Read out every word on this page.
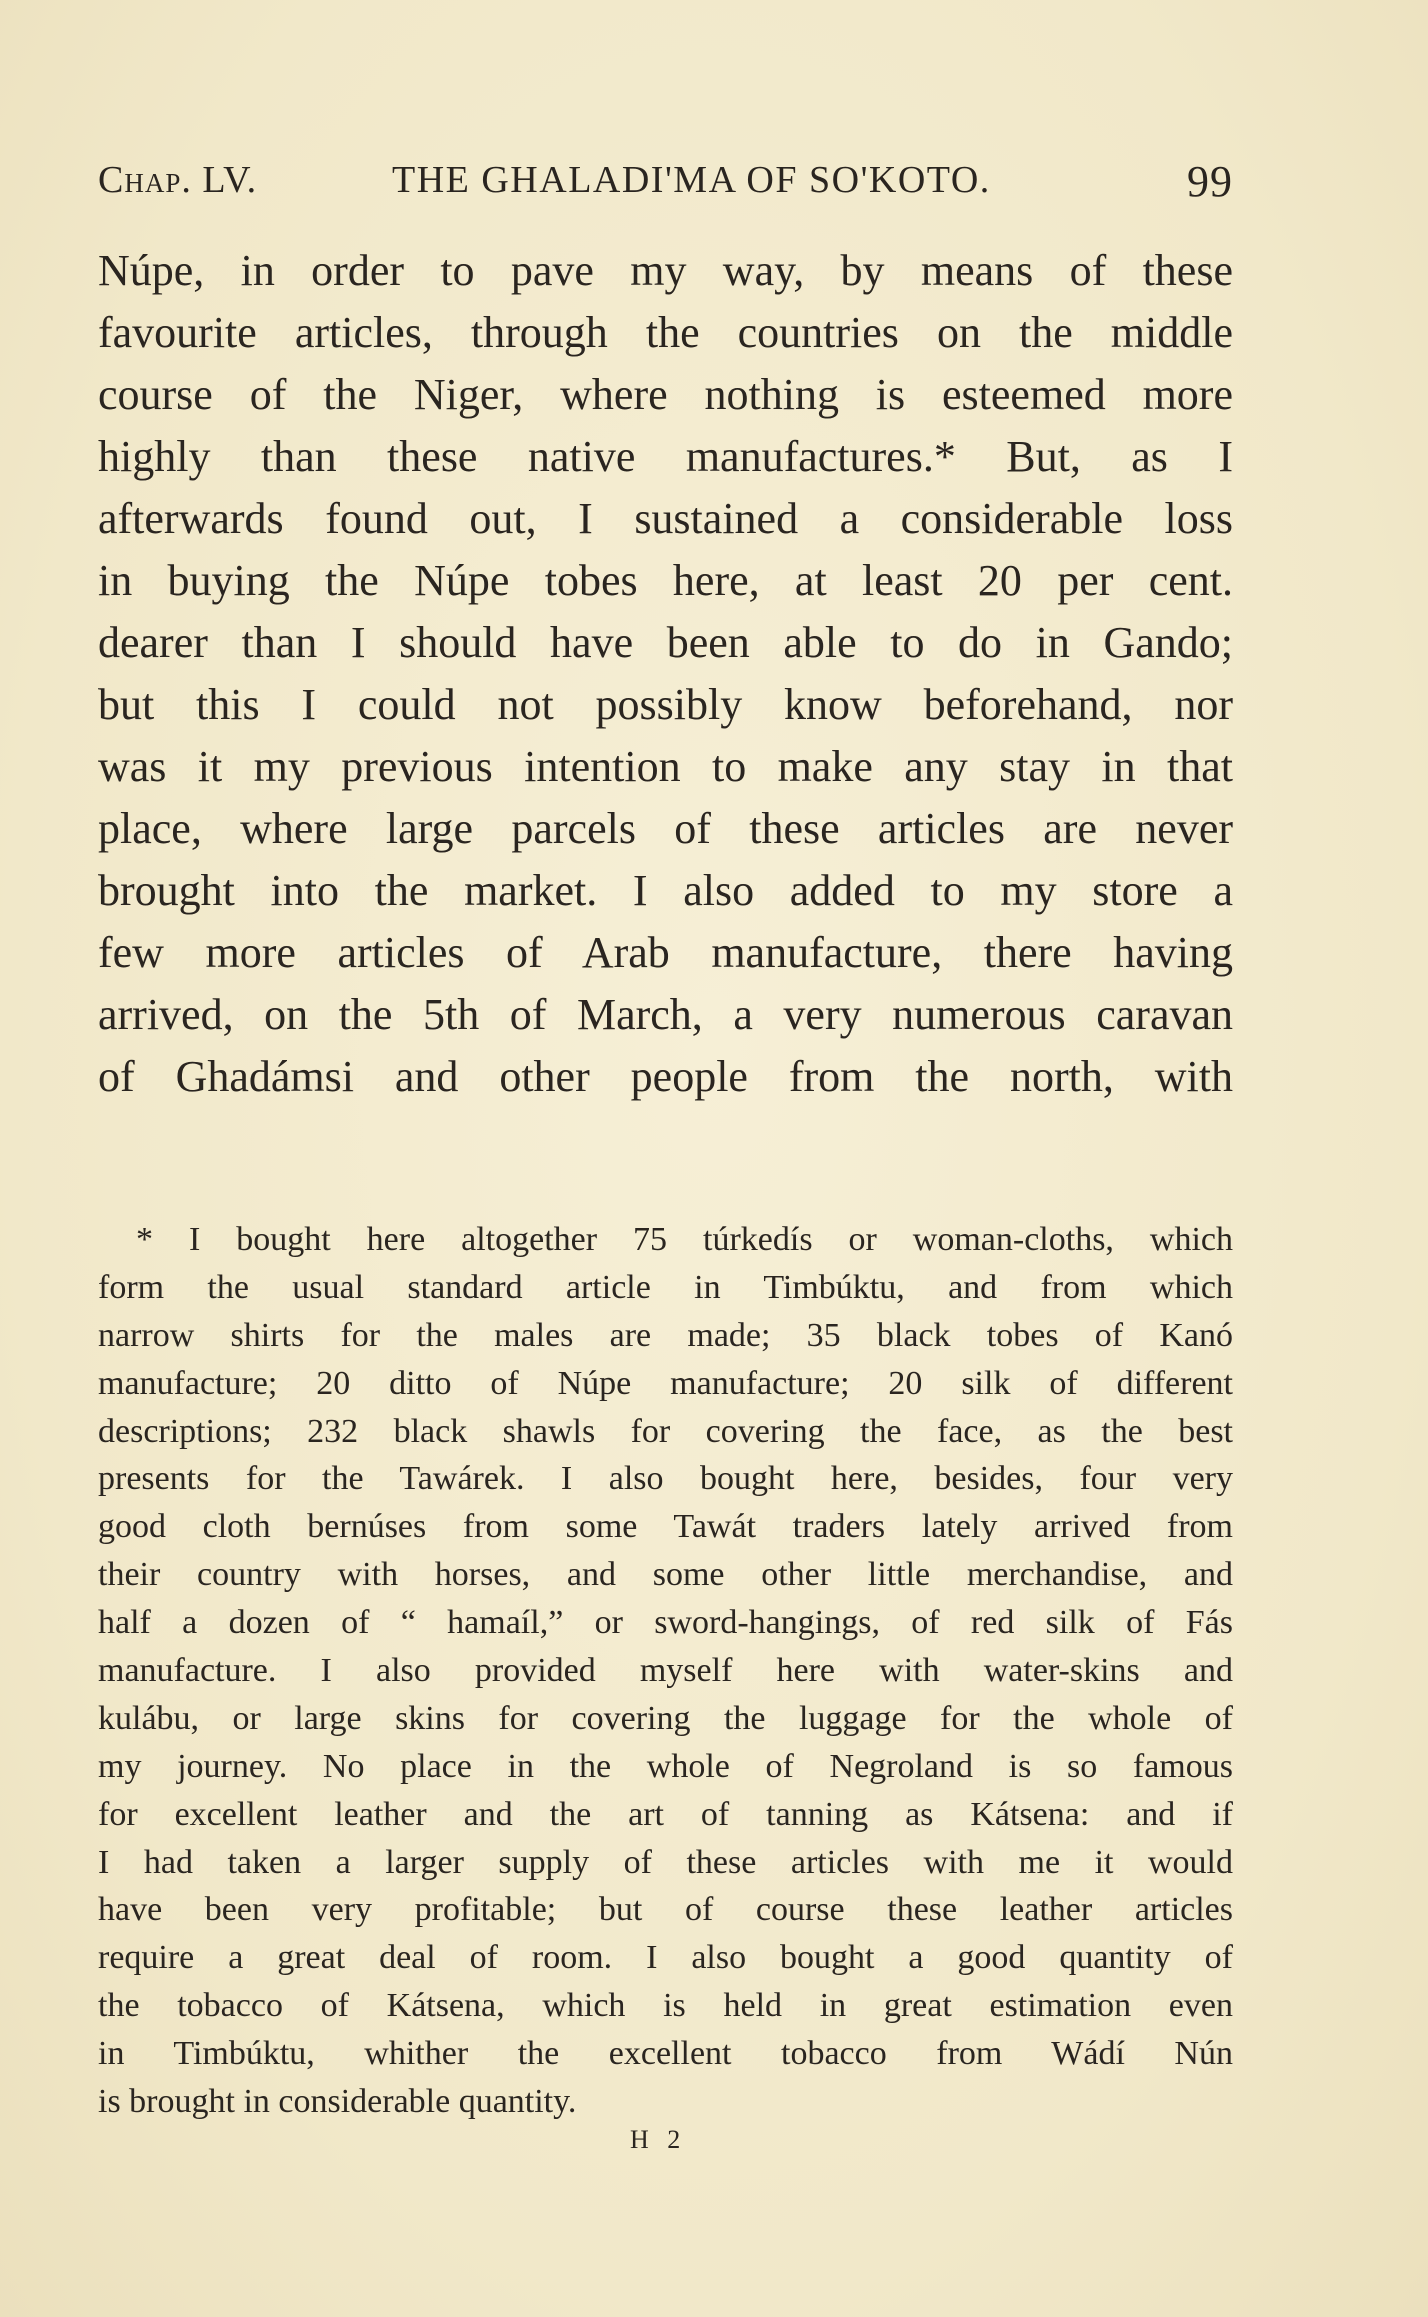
Chap. LV.	THE GHALADI'MA OF SO'KOTO.	99
Núpe, in order to pave my way, by means of these
favourite articles, through the countries on the middle
course of the Niger, where nothing is esteemed more
highly than these native manufactures.* But, as I
afterwards found out, I sustained a considerable loss
in buying the Núpe tobes here, at least 20 per cent.
dearer than I should have been able to do in Gando;
but this I could not possibly know beforehand, nor
was it my previous intention to make any stay in that
place, where large parcels of these articles are never
brought into the market. I also added to my store a
few more articles of Arab manufacture, there having
arrived, on the 5th of March, a very numerous caravan
of Ghadámsi and other people from the north, with
* I bought here altogether 75 túrkedís or woman-cloths, which
form the usual standard article in Timbúktu, and from which
narrow shirts for the males are made; 35 black tobes of Kanó
manufacture; 20 ditto of Núpe manufacture; 20 silk of different
descriptions; 232 black shawls for covering the face, as the best
presents for the Tawárek. I also bought here, besides, four very
good cloth bernúses from some Tawát traders lately arrived from
their country with horses, and some other little merchandise, and
half a dozen of “ hamaíl,” or sword-hangings, of red silk of Fás
manufacture. I also provided myself here with water-skins and
kulábu, or large skins for covering the luggage for the whole of
my journey. No place in the whole of Negroland is so famous
for excellent leather and the art of tanning as Kátsena: and if
I had taken a larger supply of these articles with me it would
have been very profitable; but of course these leather articles
require a great deal of room. I also bought a good quantity of
the tobacco of Kátsena, which is held in great estimation even
in Timbúktu, whither the excellent tobacco from Wádí Nún
is brought in considerable quantity.
H 2
